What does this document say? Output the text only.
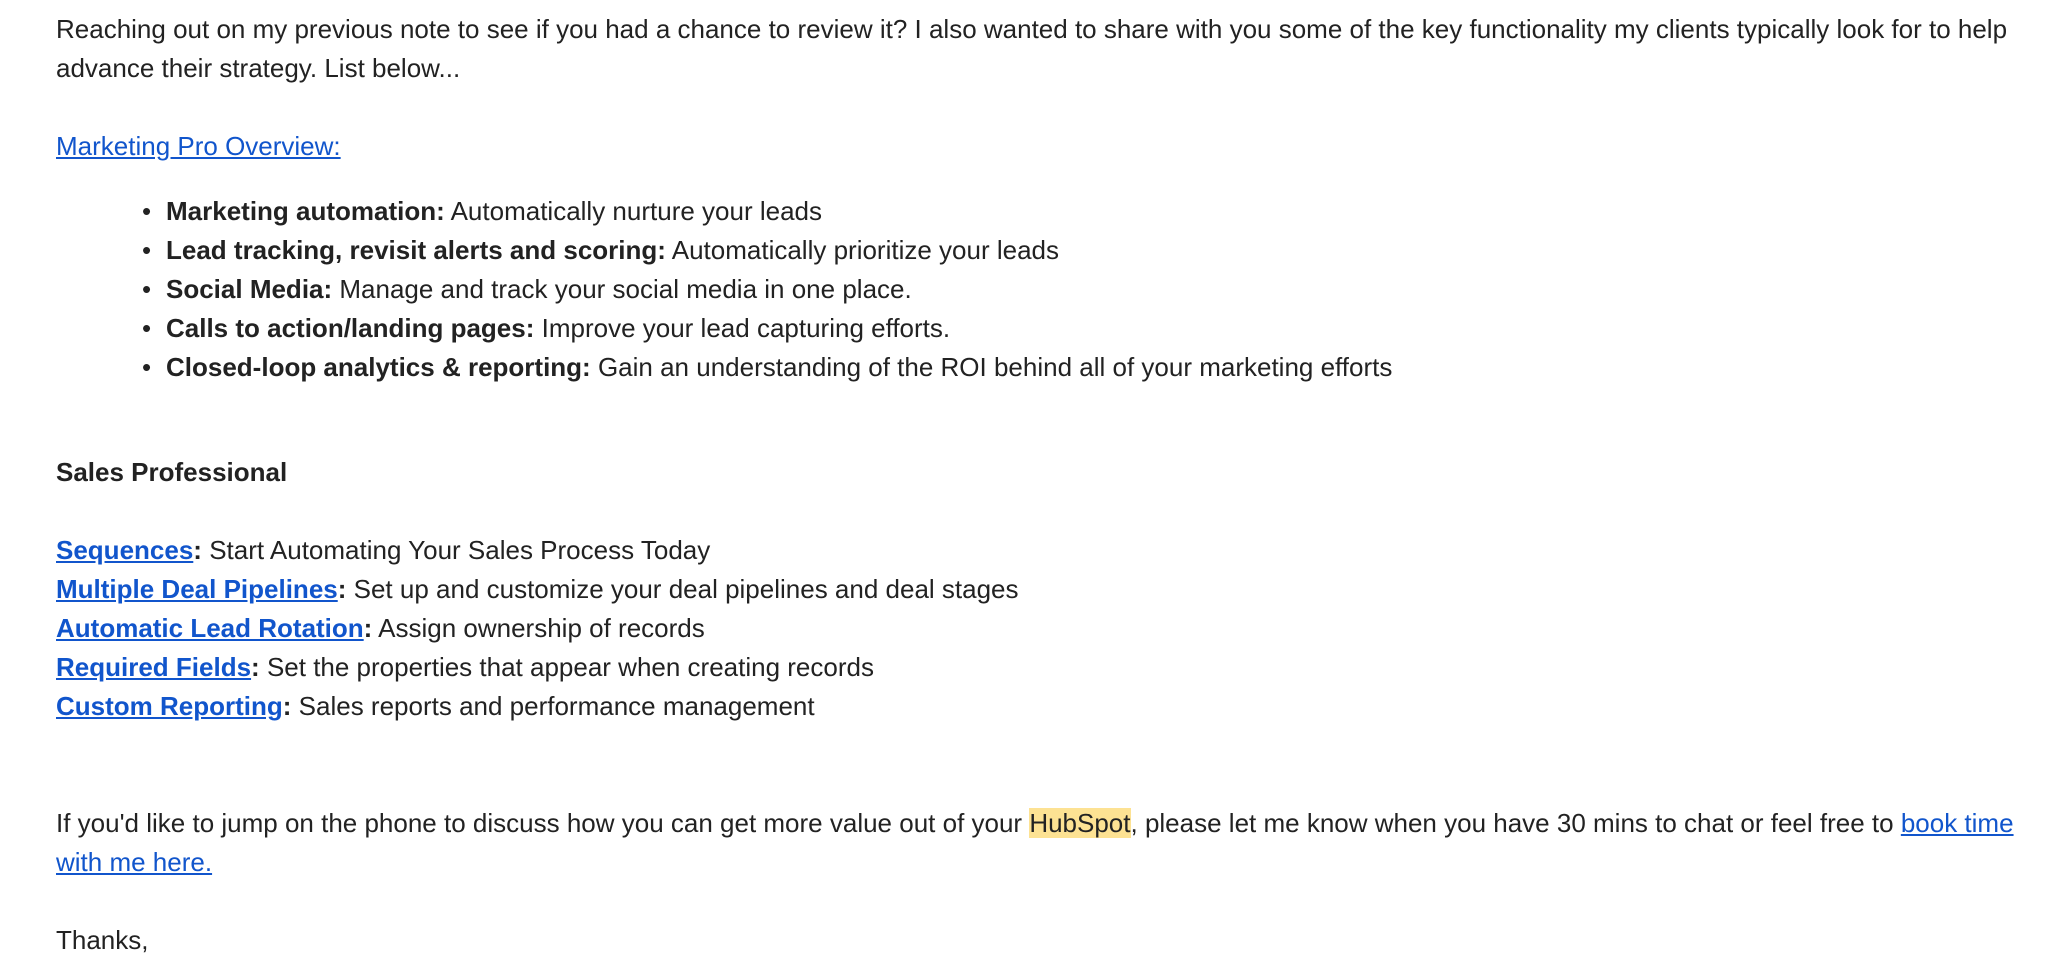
Reaching out on my previous note to see if you had a chance to review it? I also wanted to share with you some of the key functionality my clients typically look for to help advance their strategy. List below...

Marketing Pro Overview:

• Marketing automation: Automatically nurture your leads
• Lead tracking, revisit alerts and scoring: Automatically prioritize your leads
• Social Media: Manage and track your social media in one place.
• Calls to action/landing pages: Improve your lead capturing efforts.
• Closed-loop analytics & reporting: Gain an understanding of the ROI behind all of your marketing efforts

Sales Professional

Sequences: Start Automating Your Sales Process Today

Multiple Deal Pipelines: Set up and customize your deal pipelines and deal stages

Automatic Lead Rotation: Assign ownership of records

Required Fields: Set the properties that appear when creating records

Custom Reporting: Sales reports and performance management

If you'd like to jump on the phone to discuss how you can get more value out of your HubSpot, please let me know when you have 30 mins to chat or feel free to book time with me here.

Thanks,
